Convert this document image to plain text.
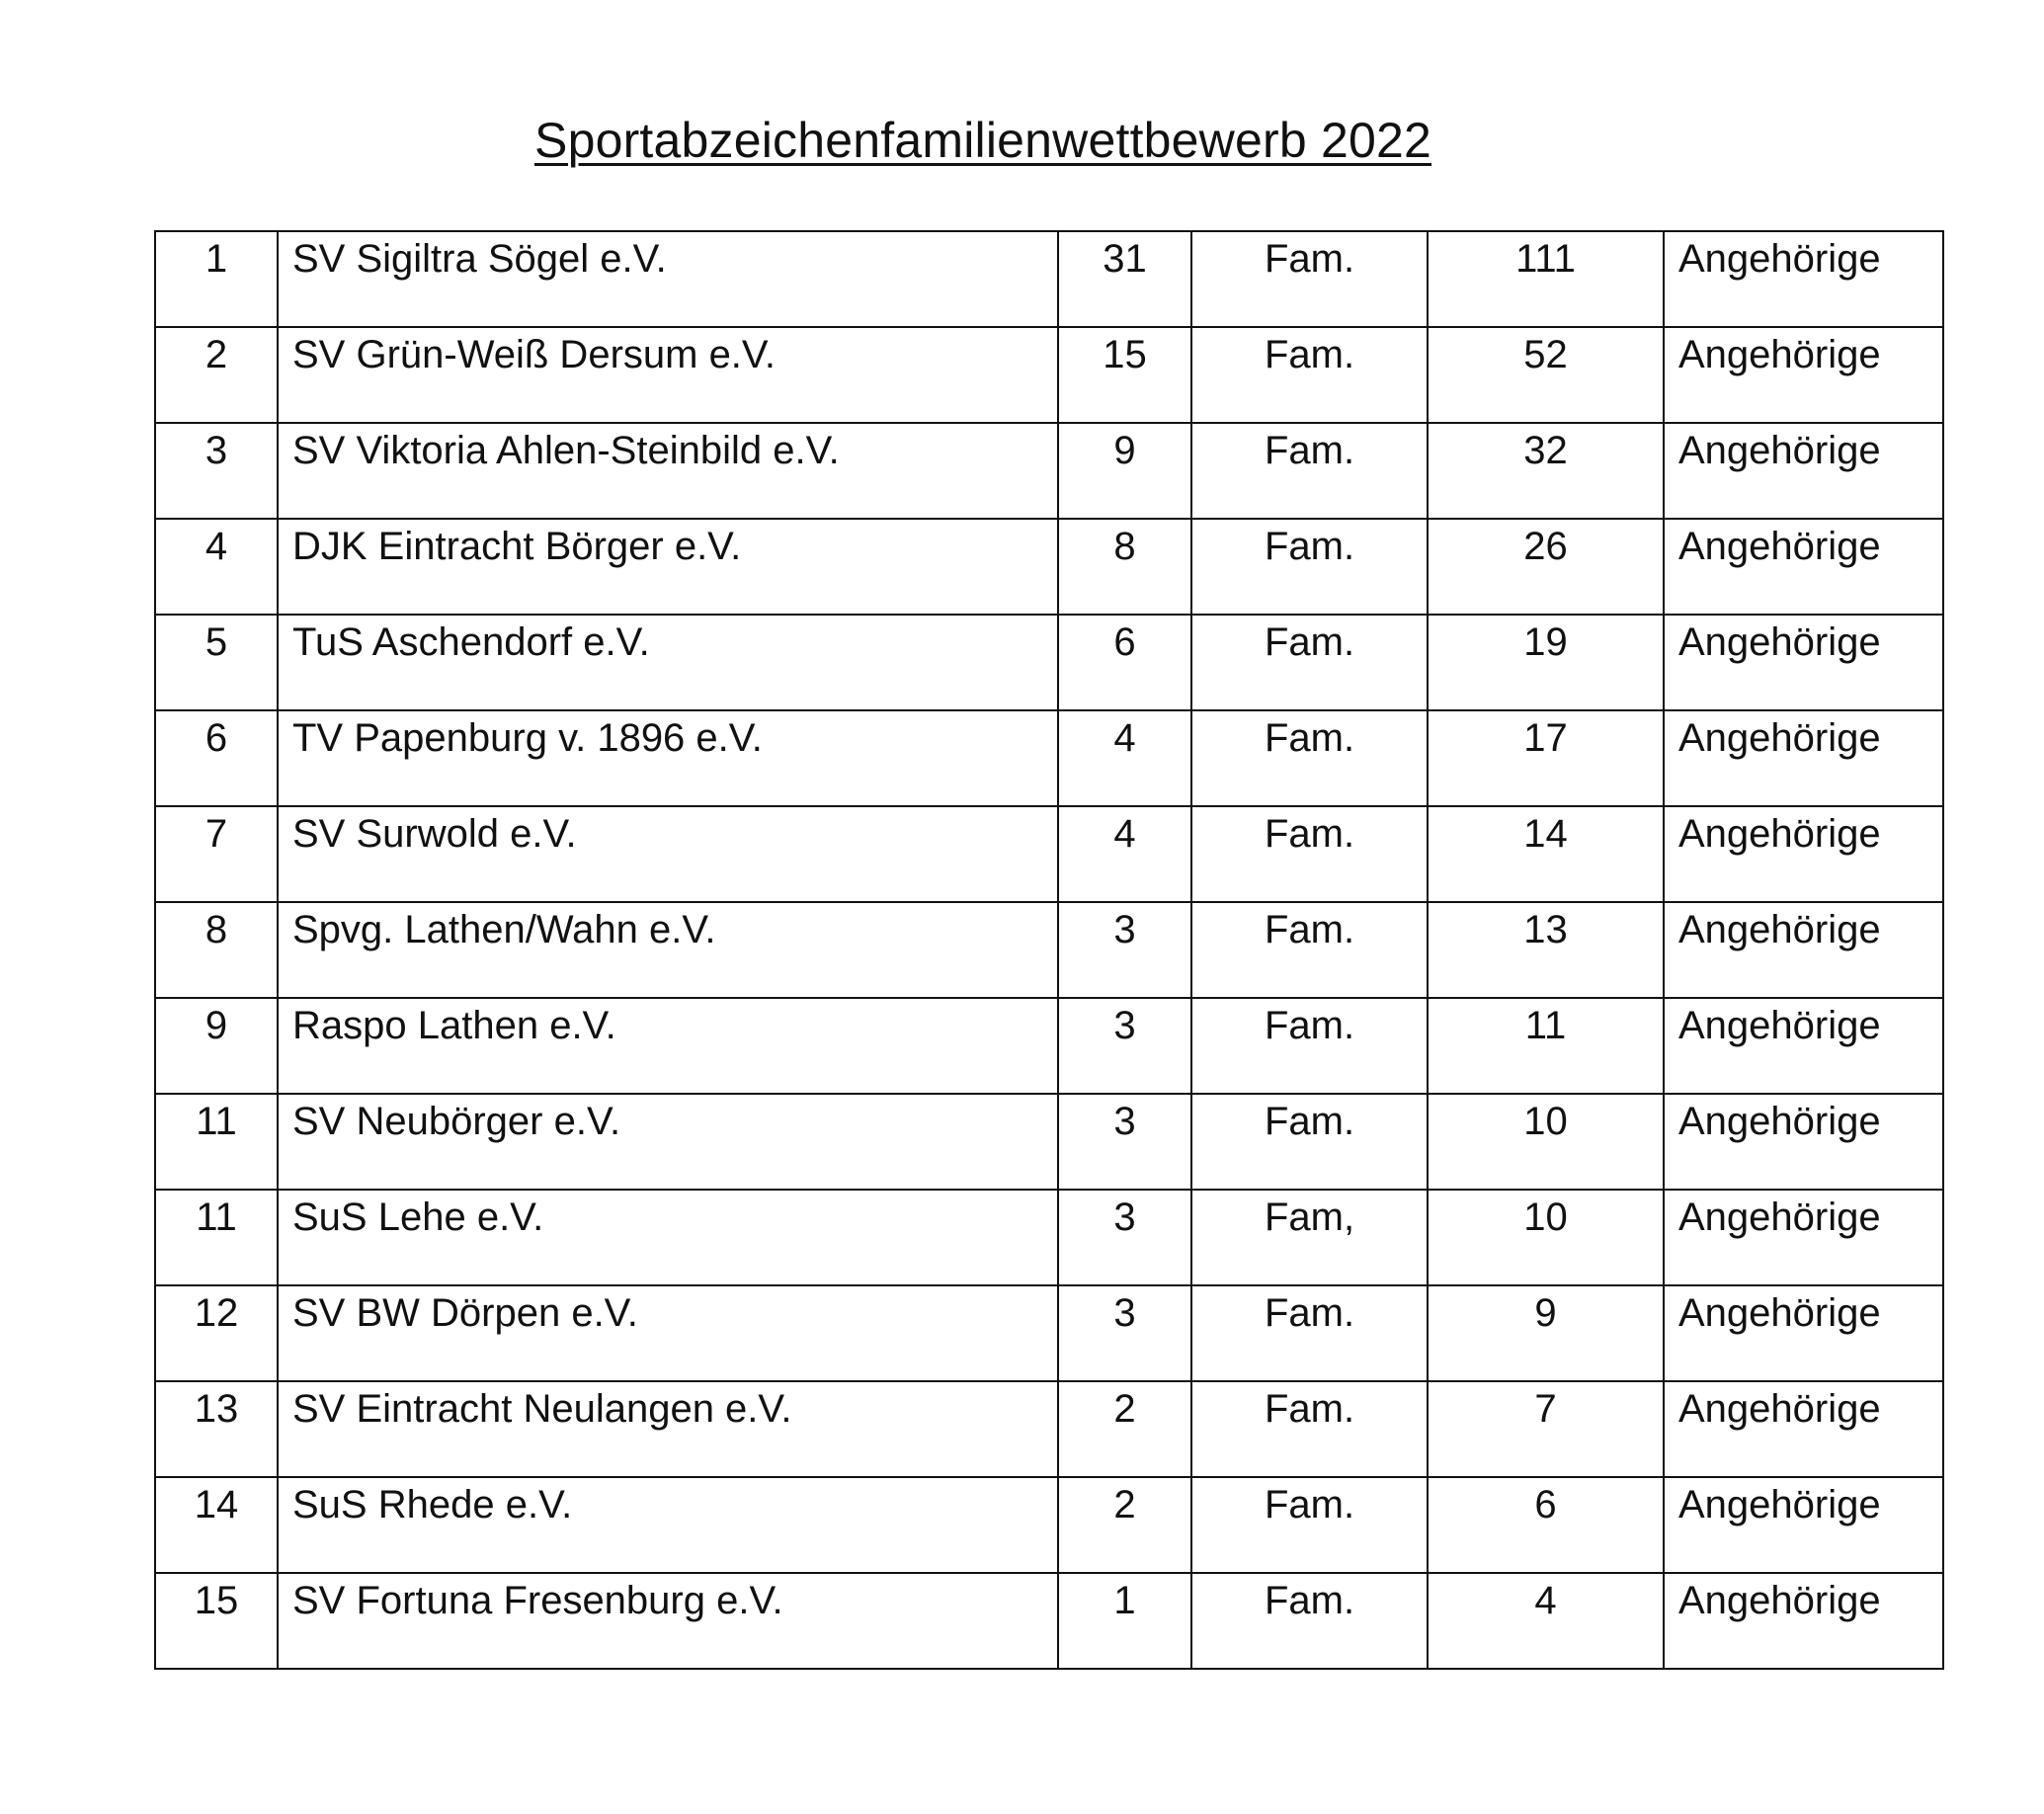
Sportabzeichenfamilienwettbewerb 2022
1	SV Sigiltra Sögel e.V.	31	Fam.	111	Angehörige
2	SV Grün-Weiß Dersum e.V.	15	Fam.	52	Angehörige
3	SV Viktoria Ahlen-Steinbild e.V.	9	Fam.	32	Angehörige
4	DJK Eintracht Börger e.V.	8	Fam.	26	Angehörige
5	TuS Aschendorf e.V.	6	Fam.	19	Angehörige
6	TV Papenburg v. 1896 e.V.	4	Fam.	17	Angehörige
7	SV Surwold e.V.	4	Fam.	14	Angehörige
8	Spvg. Lathen/Wahn e.V.	3	Fam.	13	Angehörige
9	Raspo Lathen e.V.	3	Fam.	11	Angehörige
11	SV Neubörger e.V.	3	Fam.	10	Angehörige
11	SuS Lehe e.V.	3	Fam,	10	Angehörige
12	SV BW Dörpen e.V.	3	Fam.	9	Angehörige
13	SV Eintracht Neulangen e.V.	2	Fam.	7	Angehörige
14	SuS Rhede e.V.	2	Fam.	6	Angehörige
15	SV Fortuna Fresenburg e.V.	1	Fam.	4	Angehörige
